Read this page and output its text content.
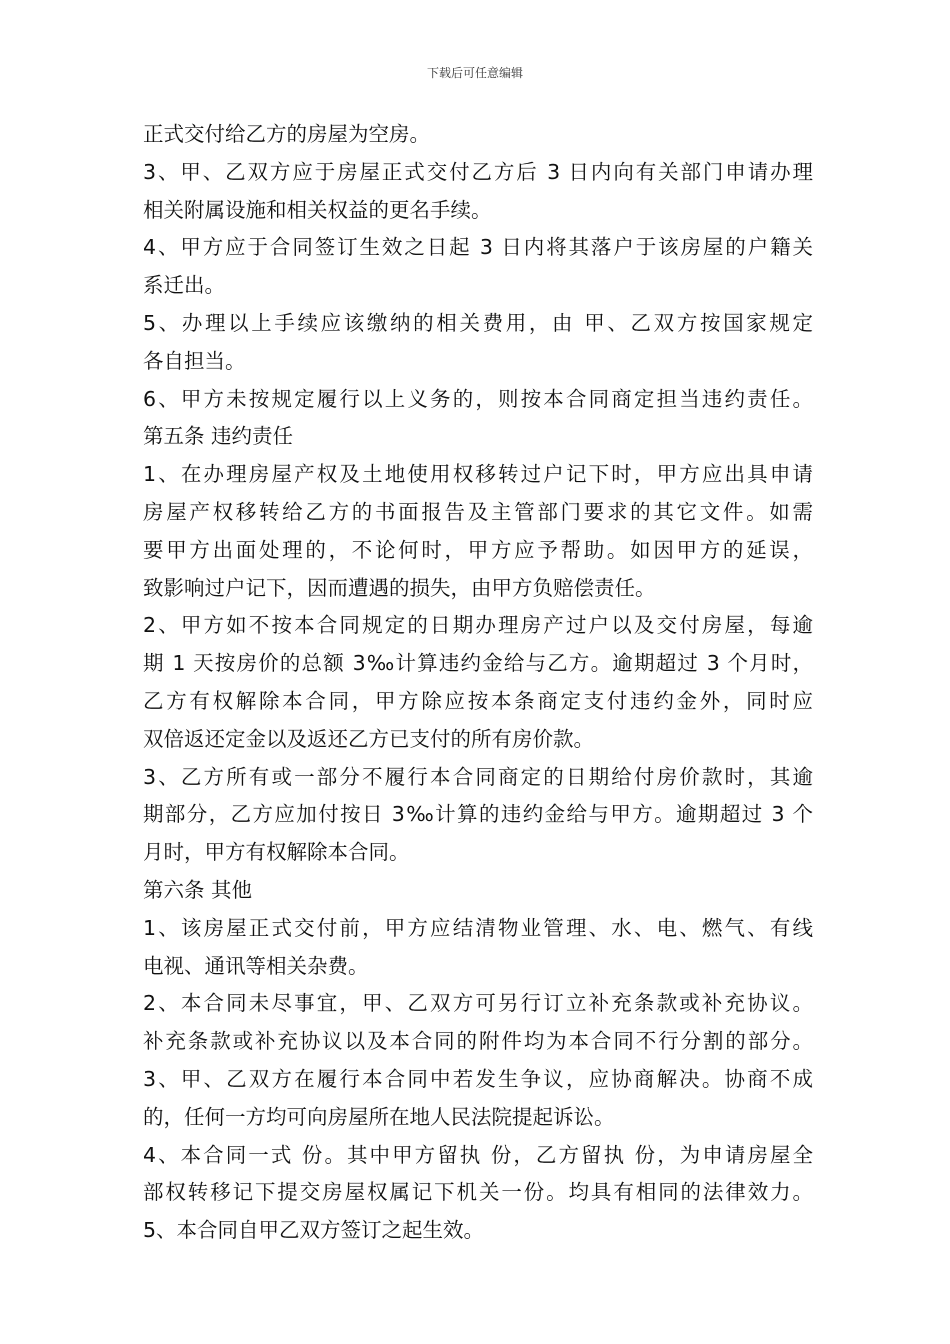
下载后可任意编辑
正式交付给乙方的房屋为空房。
3、甲、乙双方应于房屋正式交付乙方后 3 日内向有关部门申请办理
相关附属设施和相关权益的更名手续。
4、甲方应于合同签订生效之日起 3 日内将其落户于该房屋的户籍关
系迁出。
5、办理以上手续应该缴纳的相关费用，由 甲、乙双方按国家规定
各自担当。
6、甲方未按规定履行以上义务的，则按本合同商定担当违约责任。
第五条 违约责任
1、在办理房屋产权及土地使用权移转过户记下时，甲方应出具申请
房屋产权移转给乙方的书面报告及主管部门要求的其它文件。如需
要甲方出面处理的，不论何时，甲方应予帮助。如因甲方的延误，
致影响过户记下，因而遭遇的损失，由甲方负赔偿责任。
2、甲方如不按本合同规定的日期办理房产过户以及交付房屋，每逾
期 1 天按房价的总额 3‰计算违约金给与乙方。逾期超过 3 个月时，
乙方有权解除本合同，甲方除应按本条商定支付违约金外，同时应
双倍返还定金以及返还乙方已支付的所有房价款。
3、乙方所有或一部分不履行本合同商定的日期给付房价款时，其逾
期部分，乙方应加付按日 3‰计算的违约金给与甲方。逾期超过 3 个
月时，甲方有权解除本合同。
第六条 其他
1、该房屋正式交付前，甲方应结清物业管理、水、电、燃气、有线
电视、通讯等相关杂费。
2、本合同未尽事宜，甲、乙双方可另行订立补充条款或补充协议。
补充条款或补充协议以及本合同的附件均为本合同不行分割的部分。
3、甲、乙双方在履行本合同中若发生争议，应协商解决。协商不成
的，任何一方均可向房屋所在地人民法院提起诉讼。
4、本合同一式 份。其中甲方留执 份，乙方留执 份，为申请房屋全
部权转移记下提交房屋权属记下机关一份。均具有相同的法律效力。
5、本合同自甲乙双方签订之起生效。
